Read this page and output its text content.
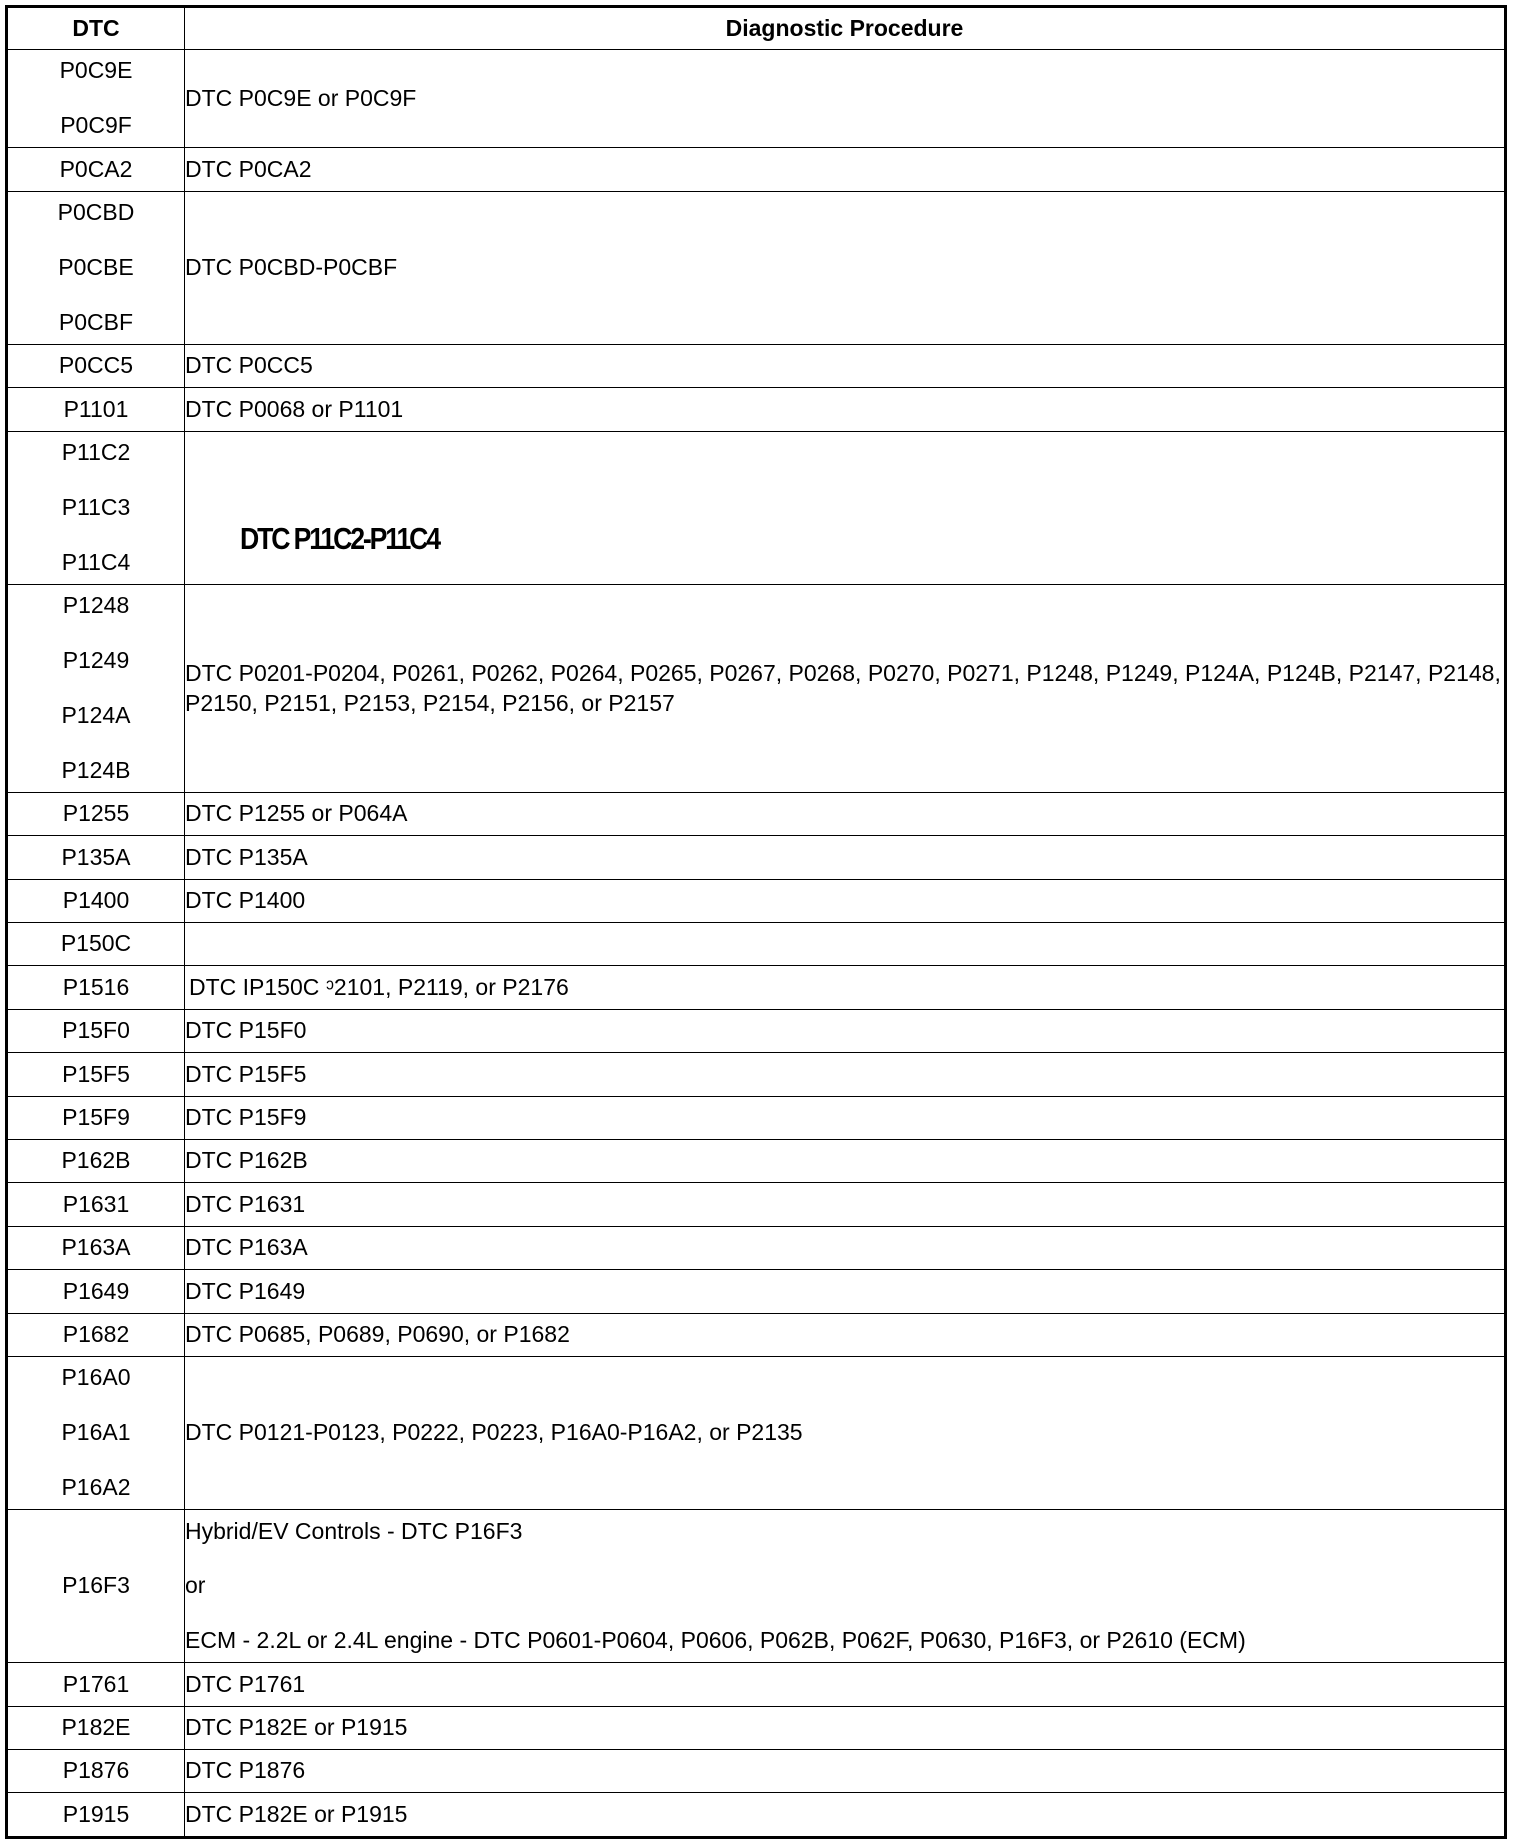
DTC	Diagnostic Procedure

P0C9E
P0C9F	DTC P0C9E or P0C9F

P0CA2	DTC P0CA2

P0CBD
P0CBE
P0CBF	DTC P0CBD-P0CBF

P0CC5	DTC P0CC5

P1101	DTC P0068 or P1101

P11C2
P11C3
P11C4	DTC P11C2-P11C4

P1248
P1249
P124A
P124B	DTC P0201-P0204, P0261, P0262, P0264, P0265, P0267, P0268, P0270, P0271, P1248, P1249, P124A, P124B, P2147, P2148, P2150, P2151, P2153, P2154, P2156, or P2157

P1255	DTC P1255 or P064A

P135A	DTC P135A

P1400	DTC P1400

P150C	

P1516	DTC IP150C ᵓ2101, P2119, or P2176

P15F0	DTC P15F0

P15F5	DTC P15F5

P15F9	DTC P15F9

P162B	DTC P162B

P1631	DTC P1631

P163A	DTC P163A

P1649	DTC P1649

P1682	DTC P0685, P0689, P0690, or P1682

P16A0
P16A1
P16A2	DTC P0121-P0123, P0222, P0223, P16A0-P16A2, or P2135

P16F3	Hybrid/EV Controls - DTC P16F3
or
ECM - 2.2L or 2.4L engine - DTC P0601-P0604, P0606, P062B, P062F, P0630, P16F3, or P2610 (ECM)

P1761	DTC P1761

P182E	DTC P182E or P1915

P1876	DTC P1876

P1915	DTC P182E or P1915
